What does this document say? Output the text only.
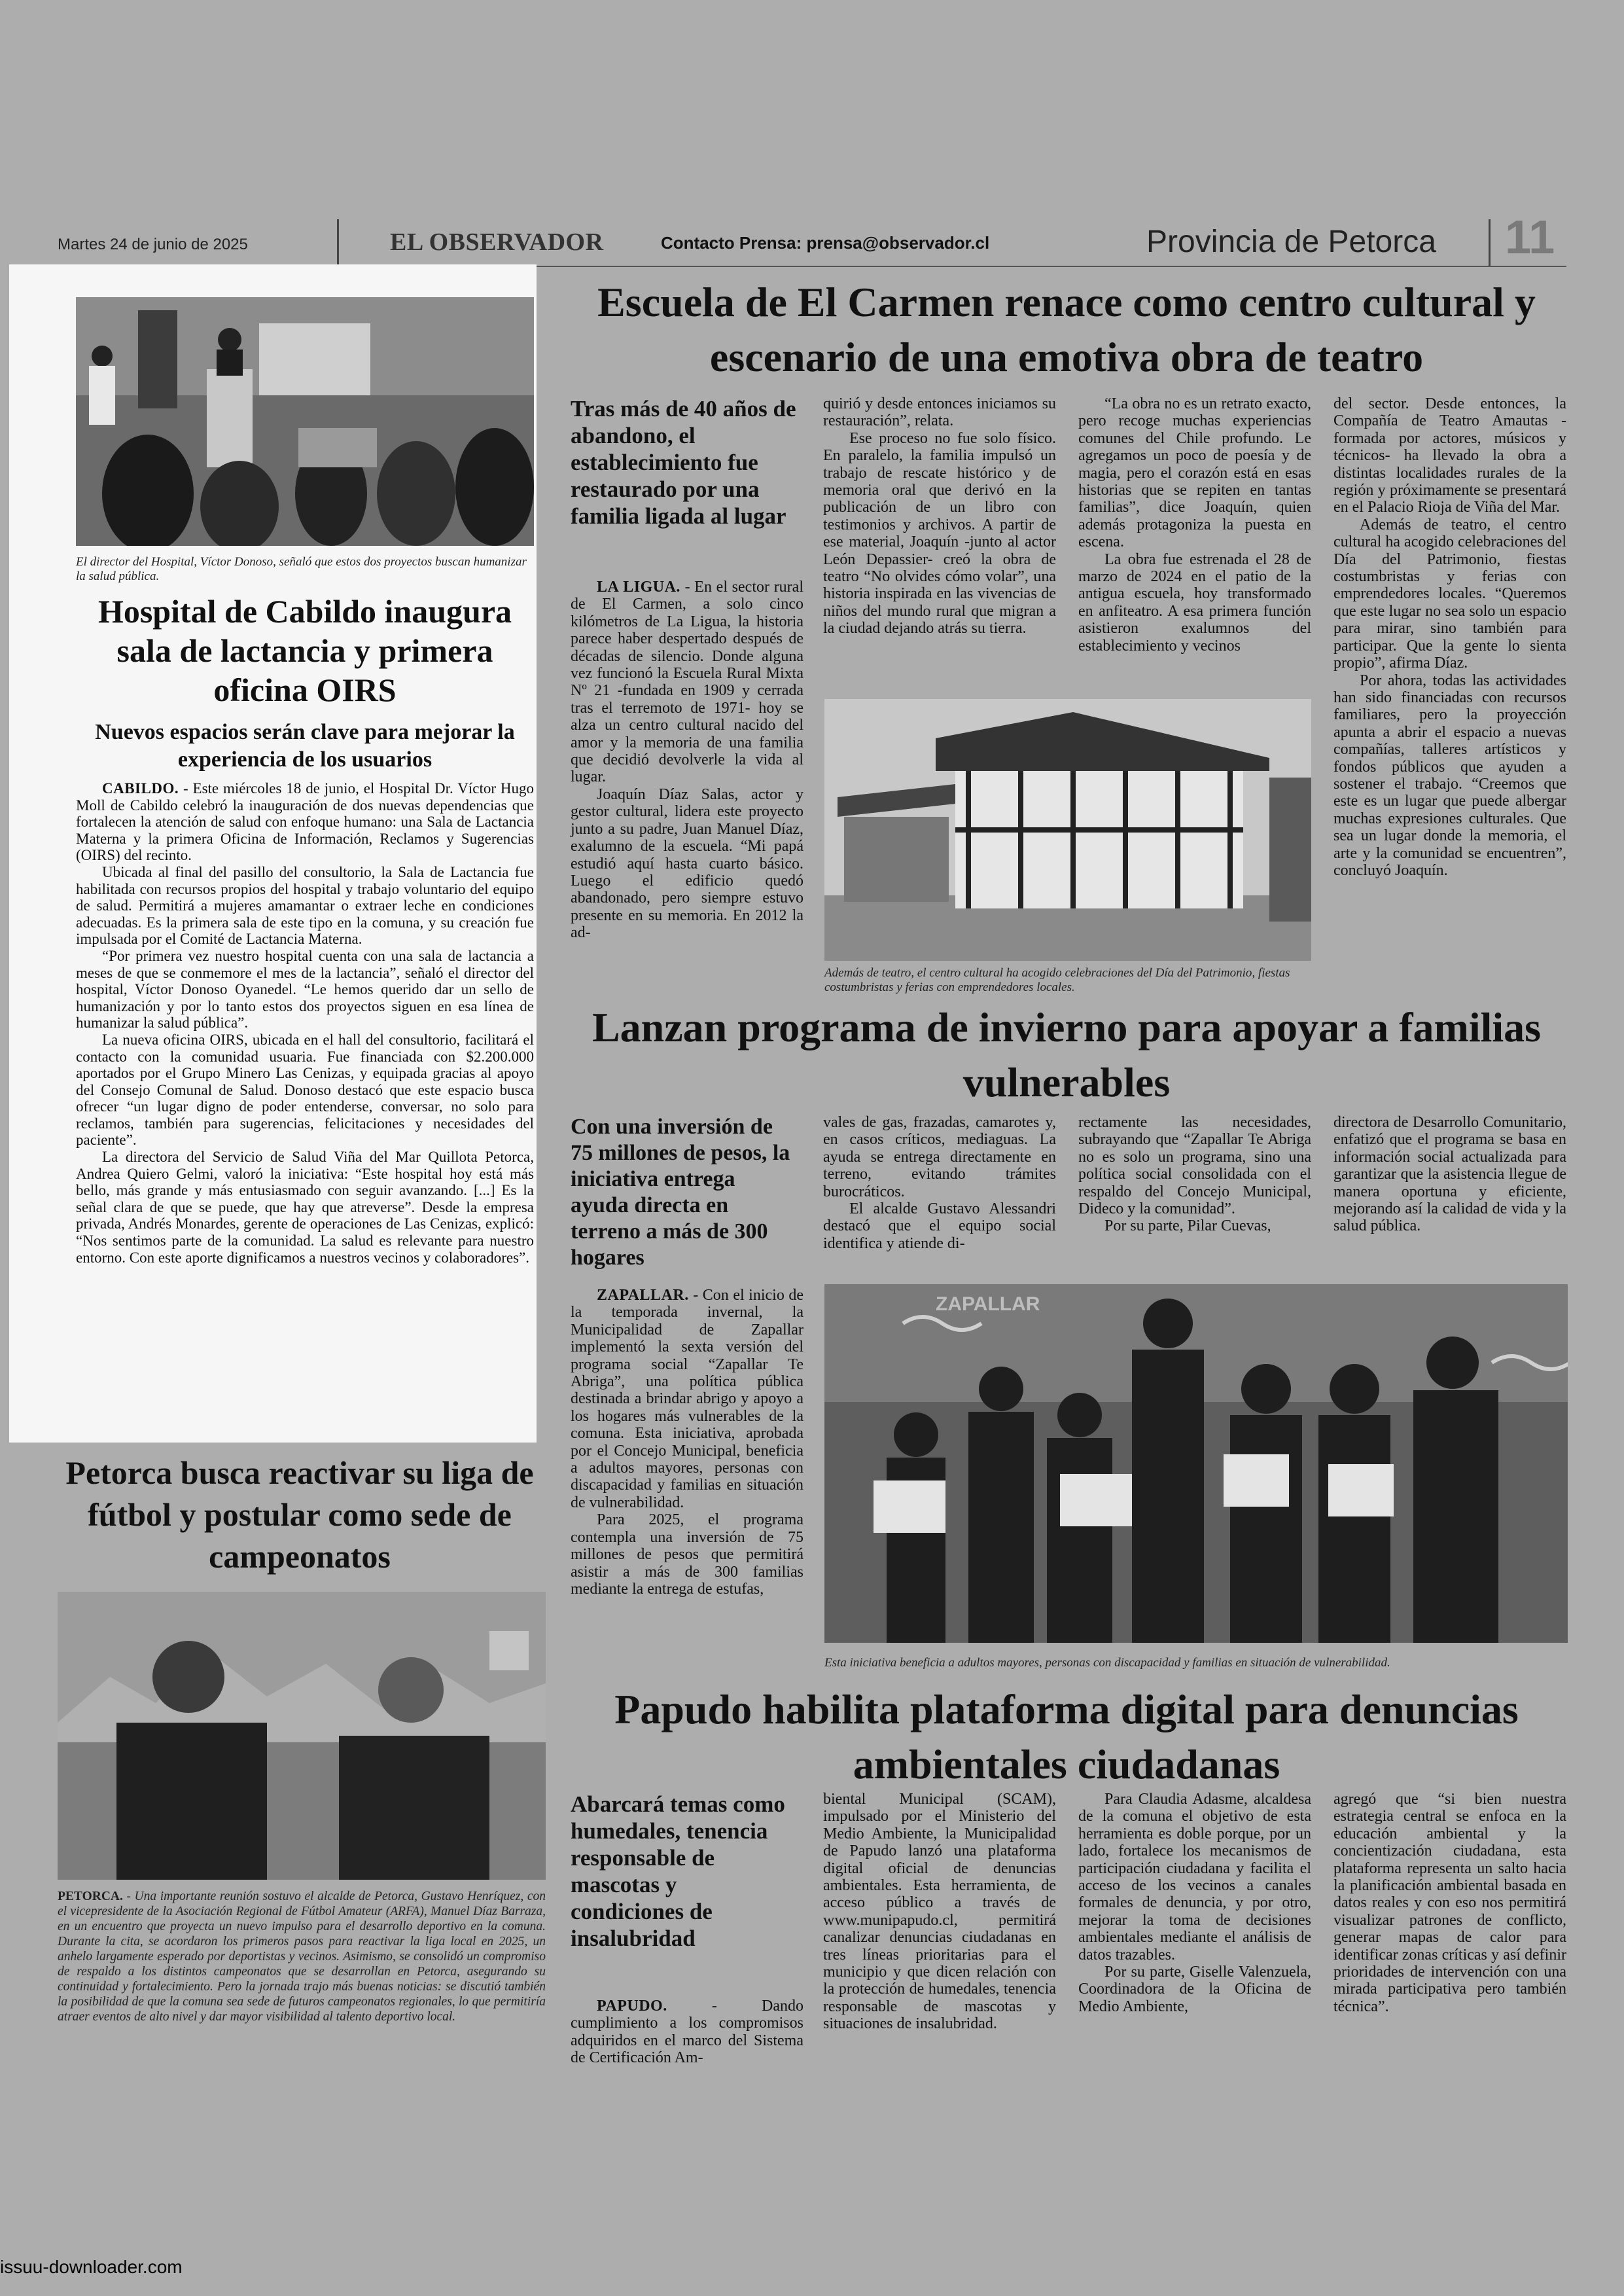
Martes 24 de junio de 2025	EL OBSERVADOR	Contacto Prensa: prensa@observador.cl	Provincia de Petorca 11
El director del Hospital, Víctor Donoso, señaló que estos dos proyectos buscan humanizar la salud pública.
Hospital de Cabildo inaugura sala de lactancia y primera oficina OIRS
Nuevos espacios serán clave para mejorar la experiencia de los usuarios

CABILDO. - Este miércoles 18 de junio, el Hospital Dr. Víctor Hugo Moll de Cabildo celebró la inauguración de dos nuevas dependencias que fortalecen la atención de salud con enfoque humano: una Sala de Lactancia Materna y la primera Oficina de Información, Reclamos y Sugerencias (OIRS) del recinto.

Ubicada al final del pasillo del consultorio, la Sala de Lactancia fue habilitada con recursos propios del hospital y trabajo voluntario del equipo de salud. Permitirá a mujeres amamantar o extraer leche en condiciones adecuadas. Es la primera sala de este tipo en la comuna, y su creación fue impulsada por el Comité de Lactancia Materna.

“Por primera vez nuestro hospital cuenta con una sala de lactancia a meses de que se conmemore el mes de la lactancia”, señaló el director del hospital, Víctor Donoso Oyanedel. “Le hemos querido dar un sello de humanización y por lo tanto estos dos proyectos siguen en esa línea de humanizar la salud pública”.

La nueva oficina OIRS, ubicada en el hall del consultorio, facilitará el contacto con la comunidad usuaria. Fue financiada con $2.200.000 aportados por el Grupo Minero Las Cenizas, y equipada gracias al apoyo del Consejo Comunal de Salud. Donoso destacó que este espacio busca ofrecer “un lugar digno de poder entenderse, conversar, no solo para reclamos, también para sugerencias, felicitaciones y necesidades del paciente”.

La directora del Servicio de Salud Viña del Mar Quillota Petorca, Andrea Quiero Gelmi, valoró la iniciativa: “Este hospital hoy está más bello, más grande y más entusiasmado con seguir avanzando. [...] Es la señal clara de que se puede, que hay que atreverse”. Desde la empresa privada, Andrés Monardes, gerente de operaciones de Las Cenizas, explicó: “Nos sentimos parte de la comunidad. La salud es relevante para nuestro entorno. Con este aporte dignificamos a nuestros vecinos y colaboradores”.

Petorca busca reactivar su liga de fútbol y postular como sede de campeonatos
PETORCA. - Una importante reunión sostuvo el alcalde de Petorca, Gustavo Henríquez, con el vicepresidente de la Asociación Regional de Fútbol Amateur (ARFA), Manuel Díaz Barraza, en un encuentro que proyecta un nuevo impulso para el desarrollo deportivo en la comuna. Durante la cita, se acordaron los primeros pasos para reactivar la liga local en 2025, un anhelo largamente esperado por deportistas y vecinos. Asimismo, se consolidó un compromiso de respaldo a los distintos campeonatos que se desarrollan en Petorca, asegurando su continuidad y fortalecimiento. Pero la jornada trajo más buenas noticias: se discutió también la posibilidad de que la comuna sea sede de futuros campeonatos regionales, lo que permitiría atraer eventos de alto nivel y dar mayor visibilidad al talento deportivo local.
Escuela de El Carmen renace como centro cultural y escenario de una emotiva obra de teatro
Tras más de 40 años de abandono, el establecimiento fue restaurado por una familia ligada al lugar

LA LIGUA. - En el sector rural de El Carmen, a solo cinco kilómetros de La Ligua, la historia parece haber despertado después de décadas de silencio. Donde alguna vez funcionó la Escuela Rural Mixta Nº 21 -fundada en 1909 y cerrada tras el terremoto de 1971- hoy se alza un centro cultural nacido del amor y la memoria de una familia que decidió devolverle la vida al lugar.

Joaquín Díaz Salas, actor y gestor cultural, lidera este proyecto junto a su padre, Juan Manuel Díaz, exalumno de la escuela. “Mi papá estudió aquí hasta cuarto básico. Luego el edificio quedó abandonado, pero siempre estuvo presente en su memoria. En 2012 la ad-

quirió y desde entonces iniciamos su restauración”, relata.

Ese proceso no fue solo físico. En paralelo, la familia impulsó un trabajo de rescate histórico y de memoria oral que derivó en la publicación de un libro con testimonios y archivos. A partir de ese material, Joaquín -junto al actor León Depassier- creó la obra de teatro “No olvides cómo volar”, una historia inspirada en las vivencias de niños del mundo rural que migran a la ciudad dejando atrás su tierra.

“La obra no es un retrato exacto, pero recoge muchas experiencias comunes del Chile profundo. Le agregamos un poco de poesía y de magia, pero el corazón está en esas historias que se repiten en tantas familias”, dice Joaquín, quien además protagoniza la puesta en escena.

La obra fue estrenada el 28 de marzo de 2024 en el patio de la antigua escuela, hoy transformado en anfiteatro. A esa primera función asistieron exalumnos del establecimiento y vecinos

del sector. Desde entonces, la Compañía de Teatro Amautas -formada por actores, músicos y técnicos- ha llevado la obra a distintas localidades rurales de la región y próximamente se presentará en el Palacio Rioja de Viña del Mar.

Además de teatro, el centro cultural ha acogido celebraciones del Día del Patrimonio, fiestas costumbristas y ferias con emprendedores locales. “Queremos que este lugar no sea solo un espacio para mirar, sino también para participar. Que la gente lo sienta propio”, afirma Díaz.

Por ahora, todas las actividades han sido financiadas con recursos familiares, pero la proyección apunta a abrir el espacio a nuevas compañías, talleres artísticos y fondos públicos que ayuden a sostener el trabajo. “Creemos que este es un lugar que puede albergar muchas expresiones culturales. Que sea un lugar donde la memoria, el arte y la comunidad se encuentren”, concluyó Joaquín.

Además de teatro, el centro cultural ha acogido celebraciones del Día del Patrimonio, fiestas costumbristas y ferias con emprendedores locales.
Lanzan programa de invierno para apoyar a familias vulnerables
Con una inversión de 75 millones de pesos, la iniciativa entrega ayuda directa en terreno a más de 300 hogares

ZAPALLAR. - Con el inicio de la temporada invernal, la Municipalidad de Zapallar implementó la sexta versión del programa social “Zapallar Te Abriga”, una política pública destinada a brindar abrigo y apoyo a los hogares más vulnerables de la comuna. Esta iniciativa, aprobada por el Concejo Municipal, beneficia a adultos mayores, personas con discapacidad y familias en situación de vulnerabilidad.

Para 2025, el programa contempla una inversión de 75 millones de pesos que permitirá asistir a más de 300 familias mediante la entrega de estufas,

vales de gas, frazadas, camarotes y, en casos críticos, mediaguas. La ayuda se entrega directamente en terreno, evitando trámites burocráticos.

El alcalde Gustavo Alessandri destacó que el equipo social identifica y atiende di-

rectamente las necesidades, subrayando que “Zapallar Te Abriga no es solo un programa, sino una política social consolidada con el respaldo del Concejo Municipal, Dideco y la comunidad”.

Por su parte, Pilar Cuevas,

directora de Desarrollo Comunitario, enfatizó que el programa se basa en información social actualizada para garantizar que la asistencia llegue de manera oportuna y eficiente, mejorando así la calidad de vida y la salud pública.

ZAPALLAR
Esta iniciativa beneficia a adultos mayores, personas con discapacidad y familias en situación de vulnerabilidad.
Papudo habilita plataforma digital para denuncias ambientales ciudadanas
Abarcará temas como humedales, tenencia responsable de mascotas y condiciones de insalubridad

PAPUDO.	- Dando cumplimiento a los compromisos adquiridos en el marco del Sistema de Certificación Am-

biental Municipal (SCAM), impulsado por el Ministerio del Medio Ambiente, la Municipalidad de Papudo lanzó una plataforma digital oficial de denuncias ambientales. Esta herramienta, de acceso público a través de www.munipapudo.cl, permitirá canalizar denuncias ciudadanas en tres líneas prioritarias para el municipio y que dicen relación con la protección de humedales, tenencia responsable de mascotas y situaciones de insalubridad.

Para Claudia Adasme, alcaldesa de la comuna el objetivo de esta herramienta es doble porque, por un lado, fortalece los mecanismos de participación ciudadana y facilita el acceso de los vecinos a canales formales de denuncia, y por otro, mejorar la toma de decisiones ambientales mediante el análisis de datos trazables.

Por su parte, Giselle Valenzuela, Coordinadora de la Oficina de Medio Ambiente,

agregó que “si bien nuestra estrategia central se enfoca en la educación ambiental y la concientización ciudadana, esta plataforma representa un salto hacia la planificación ambiental basada en datos reales y con eso nos permitirá visualizar patrones de conflicto, generar mapas de calor para identificar zonas críticas y así definir prioridades de intervención con una mirada participativa pero también técnica”.

issuu-downloader.com
